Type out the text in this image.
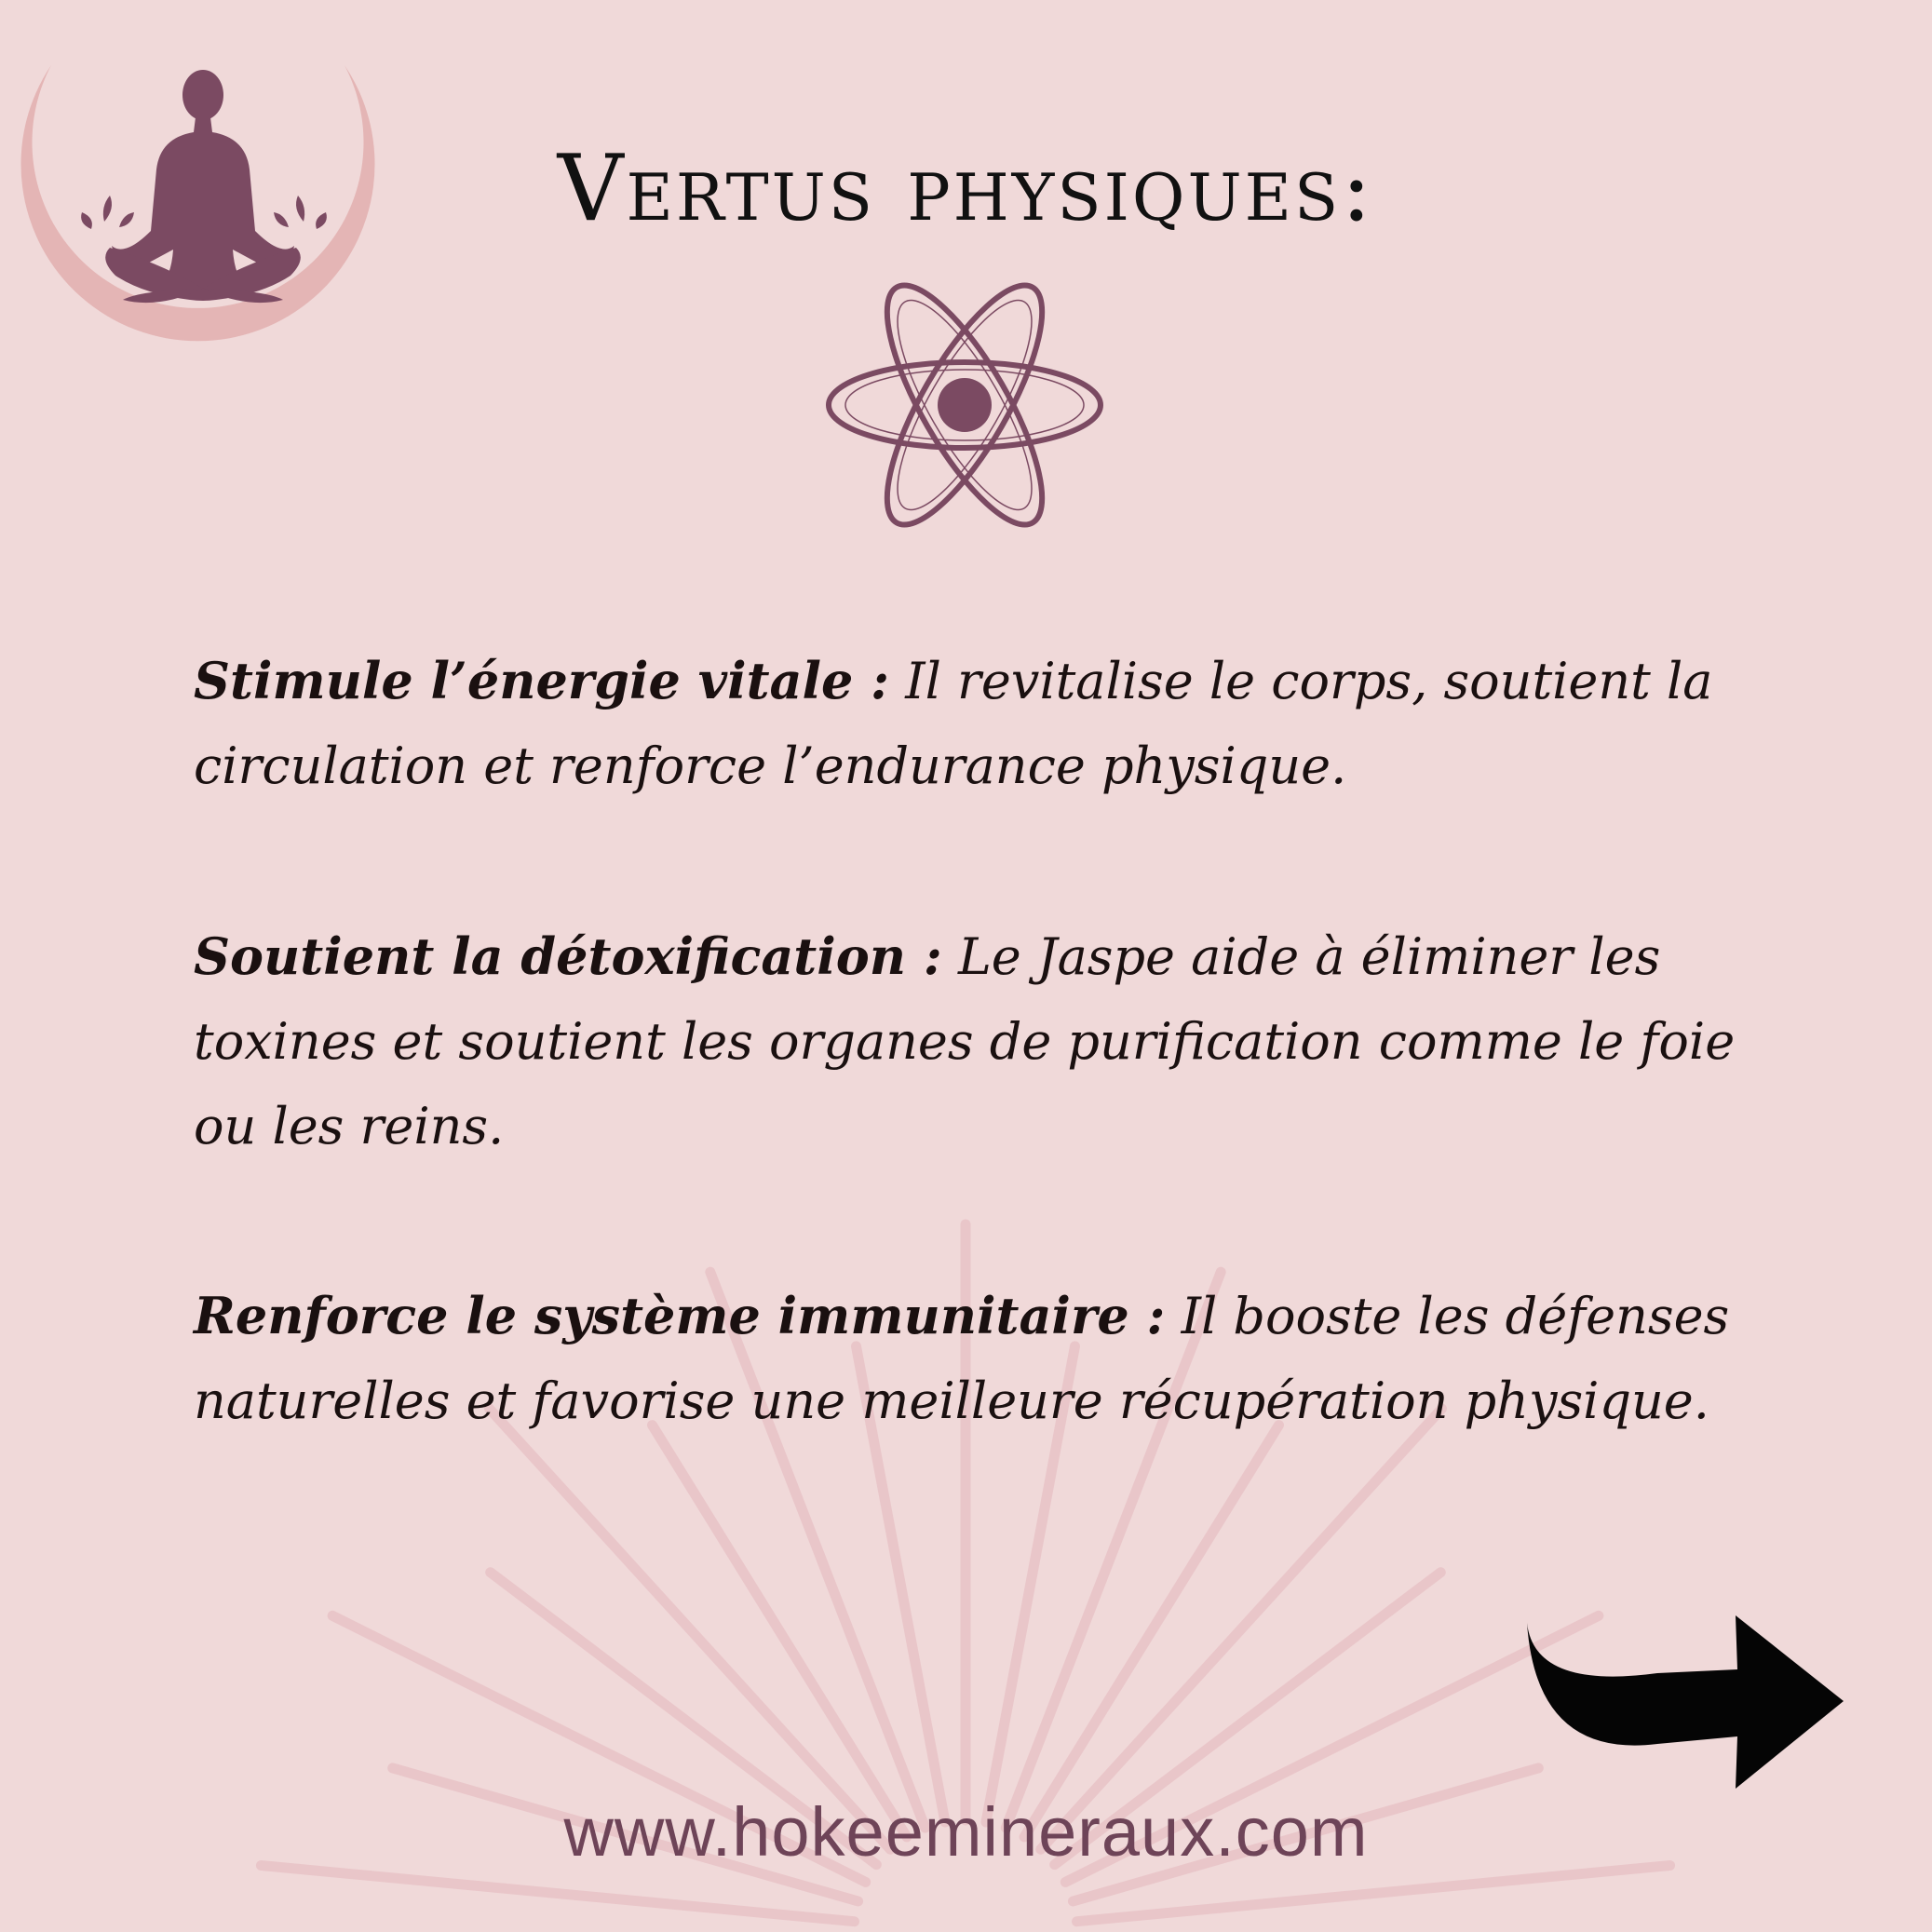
Vertus physiques:

Stimule l’énergie vitale : Il revitalise le corps, soutient la circulation et renforce l’endurance physique.

Soutient la détoxification : Le Jaspe aide à éliminer les toxines et soutient les organes de purification comme le foie ou les reins.

Renforce le système immunitaire : Il booste les défenses naturelles et favorise une meilleure récupération physique.

www.hokeemineraux.com
